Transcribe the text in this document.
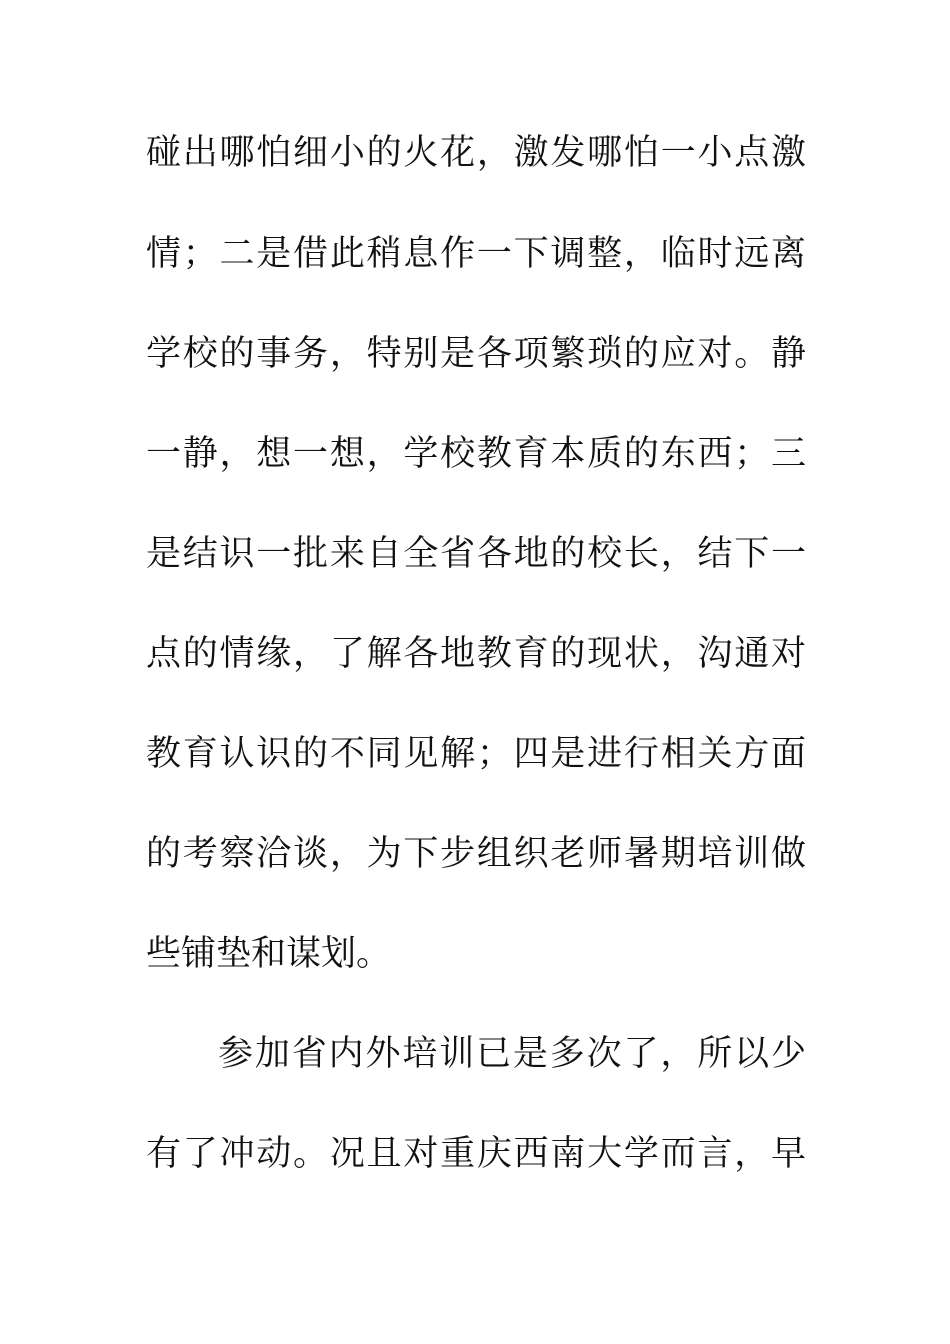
碰出哪怕细小的火花，激发哪怕一小点激
情；二是借此稍息作一下调整，临时远离
学校的事务，特别是各项繁琐的应对。静
一静，想一想，学校教育本质的东西；三
是结识一批来自全省各地的校长，结下一
点的情缘，了解各地教育的现状，沟通对
教育认识的不同见解；四是进行相关方面
的考察洽谈，为下步组织老师暑期培训做
些铺垫和谋划。
参加省内外培训已是多次了，所以少
有了冲动。况且对重庆西南大学而言，早
